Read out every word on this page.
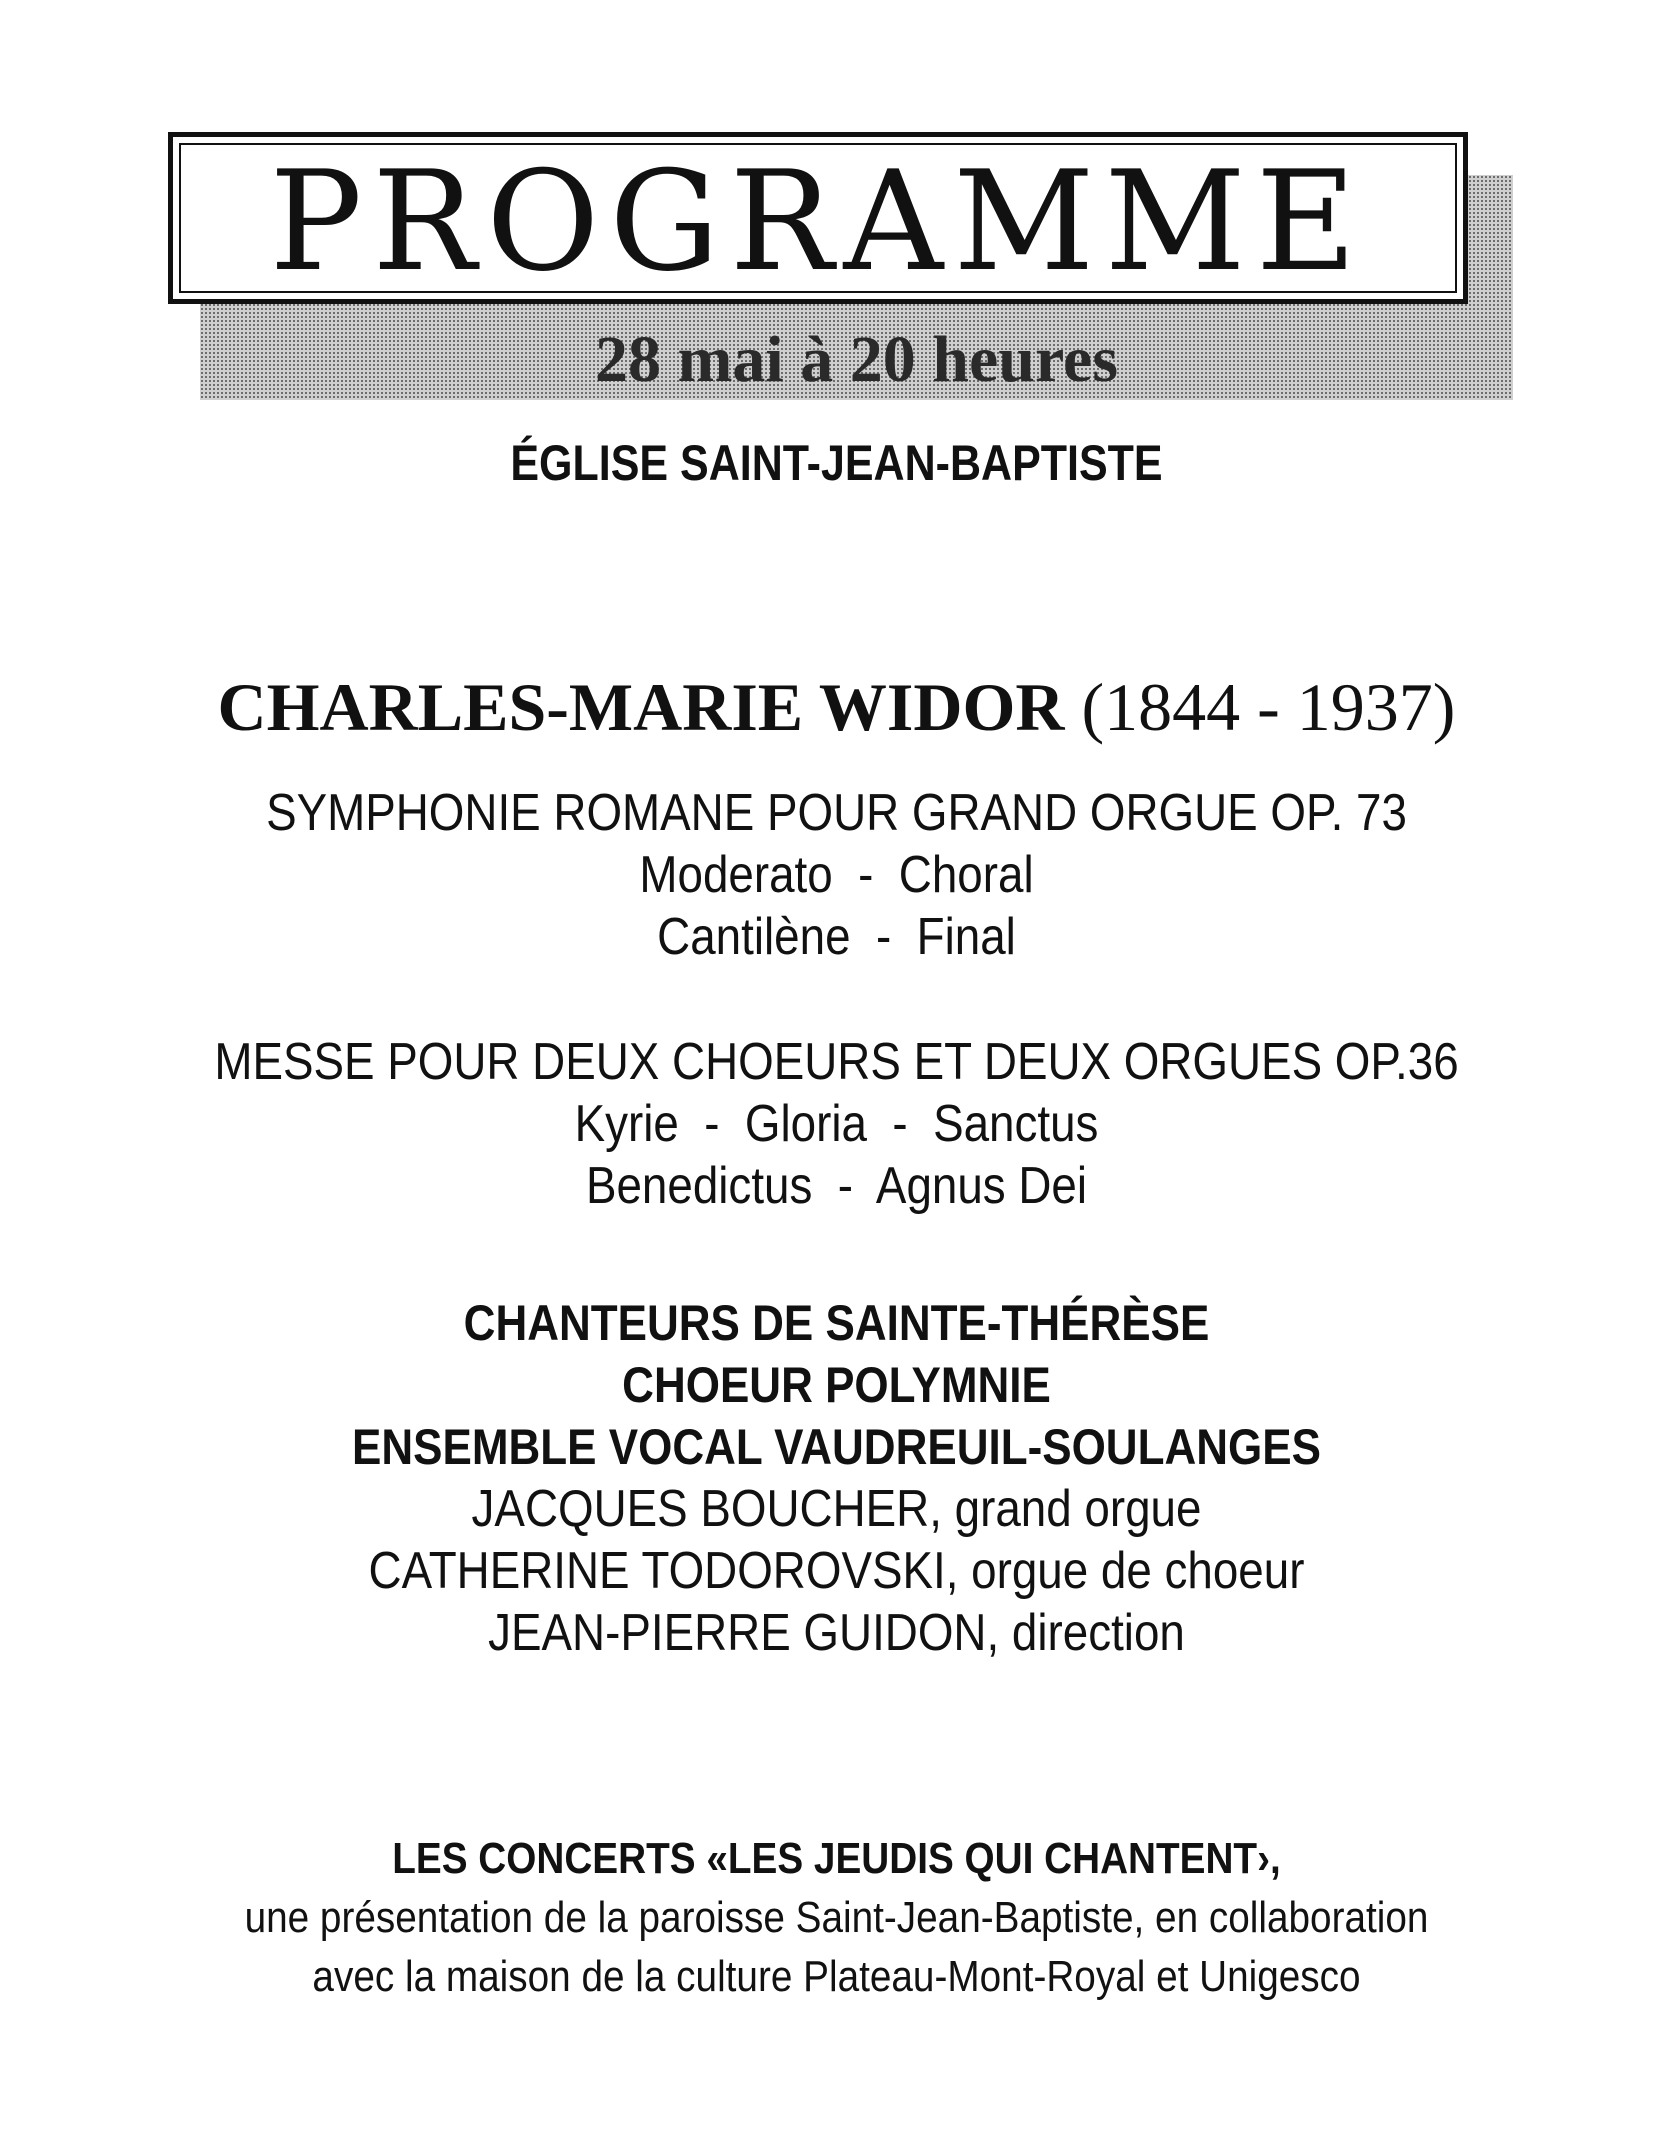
PROGRAMME
28 mai à 20 heures
ÉGLISE SAINT-JEAN-BAPTISTE
CHARLES-MARIE WIDOR (1844 - 1937)
SYMPHONIE ROMANE POUR GRAND ORGUE OP. 73
Moderato  -  Choral
Cantilène  -  Final
MESSE POUR DEUX CHOEURS ET DEUX ORGUES OP.36
Kyrie  -  Gloria  -  Sanctus
Benedictus  -  Agnus Dei
CHANTEURS DE SAINTE-THÉRÈSE
CHOEUR POLYMNIE
ENSEMBLE VOCAL VAUDREUIL-SOULANGES
JACQUES BOUCHER, grand orgue
CATHERINE TODOROVSKI, orgue de choeur
JEAN-PIERRE GUIDON, direction
LES CONCERTS «LES JEUDIS QUI CHANTENT›,
une présentation de la paroisse Saint-Jean-Baptiste, en collaboration
avec la maison de la culture Plateau-Mont-Royal et Unigesco
